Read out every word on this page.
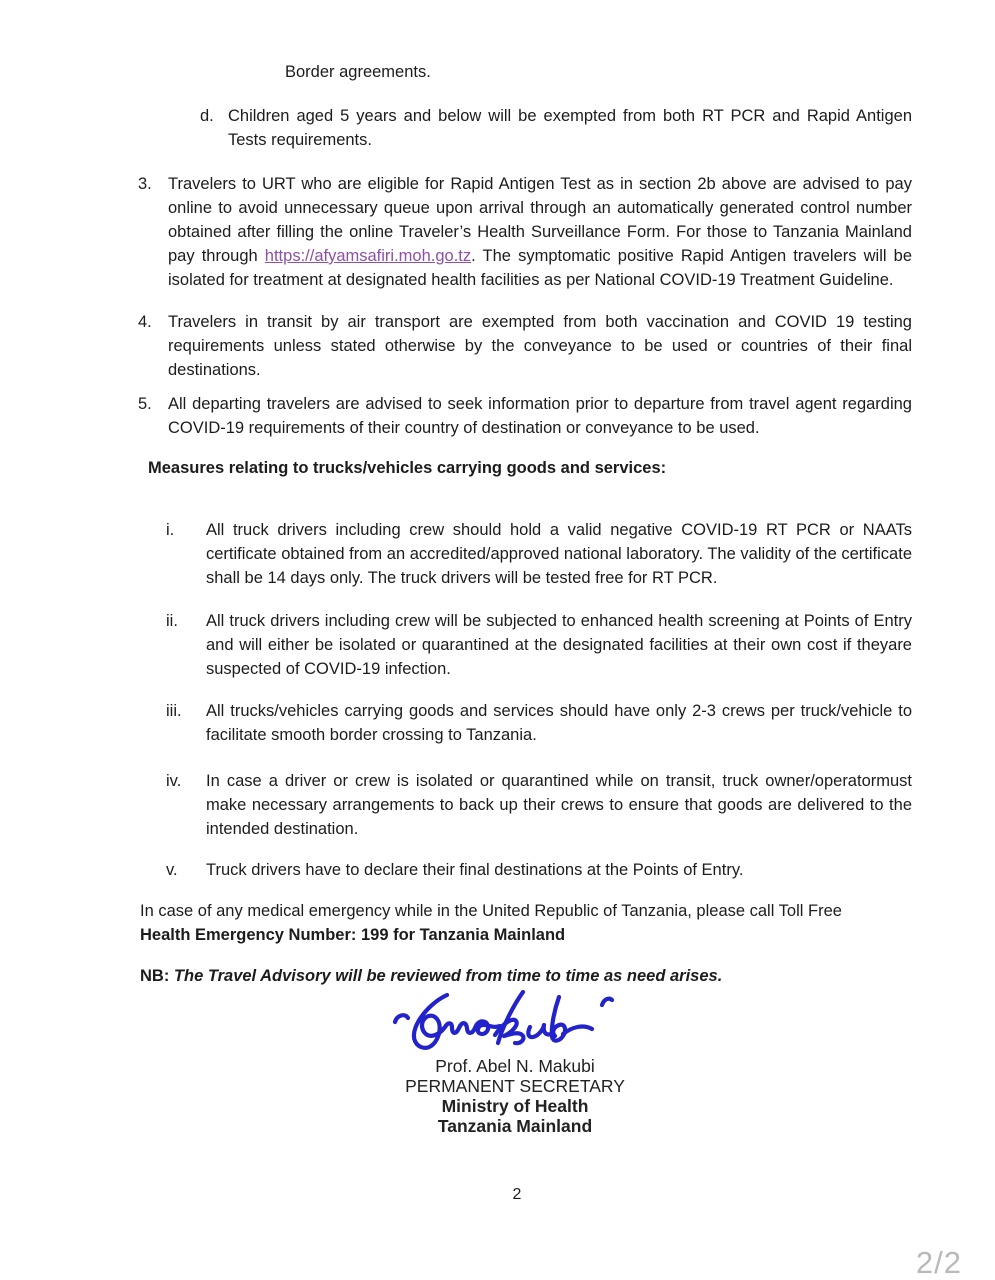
Border agreements.

d. Children aged 5 years and below will be exempted from both RT PCR and Rapid Antigen Tests requirements.
3. Travelers to URT who are eligible for Rapid Antigen Test as in section 2b above are advised to pay online to avoid unnecessary queue upon arrival through an automatically generated control number obtained after filling the online Traveler’s Health Surveillance Form. For those to Tanzania Mainland pay through https://afyamsafiri.moh.go.tz. The symptomatic positive Rapid Antigen travelers will be isolated for treatment at designated health facilities as per National COVID-19 Treatment Guideline.
4. Travelers in transit by air transport are exempted from both vaccination and COVID 19 testing requirements unless stated otherwise by the conveyance to be used or countries of their final destinations.
5. All departing travelers are advised to seek information prior to departure from travel agent regarding COVID-19 requirements of their country of destination or conveyance to be used.

Measures relating to trucks/vehicles carrying goods and services:

i.	All truck drivers including crew should hold a valid negative COVID-19 RT PCR or NAATs certificate obtained from an accredited/approved national laboratory. The validity of the certificate shall be 14 days only. The truck drivers will be tested free for RT PCR.
ii.	All truck drivers including crew will be subjected to enhanced health screening at Points of Entry and will either be isolated or quarantined at the designated facilities at their own cost if theyare suspected of COVID-19 infection.
iii.	All trucks/vehicles carrying goods and services should have only 2-3 crews per truck/vehicle to facilitate smooth border crossing to Tanzania.
iv.	In case a driver or crew is isolated or quarantined while on transit, truck owner/operatormust make necessary arrangements to back up their crews to ensure that goods are delivered to the intended destination.
v.	Truck drivers have to declare their final destinations at the Points of Entry.
In case of any medical emergency while in the United Republic of Tanzania, please call Toll Free
Health Emergency Number: 199 for Tanzania Mainland

NB: The Travel Advisory will be reviewed from time to time as need arises.

Prof. Abel N. Makubi
PERMANENT SECRETARY
Ministry of Health
Tanzania Mainland
2
2/2
